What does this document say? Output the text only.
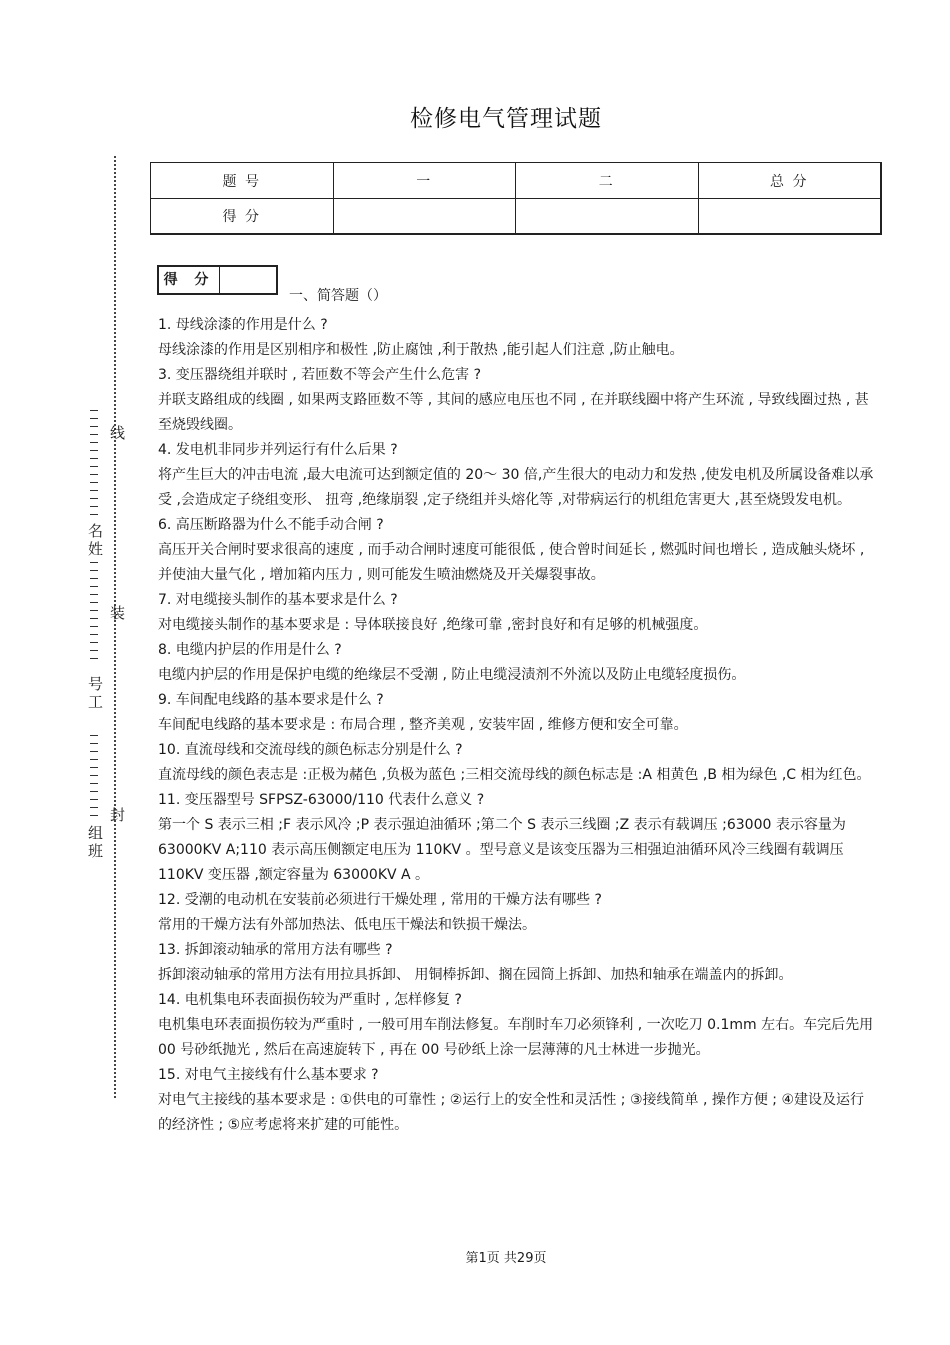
检修电气管理试题
题 号	一	二	总 分
得 分			
线
装
封
名姓
号工
组班
得 分
一、简答题（）

1. 母线涂漆的作用是什么 ?

母线涂漆的作用是区别相序和极性 ,防止腐蚀 ,利于散热 ,能引起人们注意 ,防止触电。

3. 变压器绕组并联时 , 若匝数不等会产生什么危害 ?

并联支路组成的线圈 , 如果两支路匝数不等 , 其间的感应电压也不同 , 在并联线圈中将产生环流 , 导致线圈过热 , 甚至烧毁线圈。

4. 发电机非同步并列运行有什么后果 ?

将产生巨大的冲击电流 ,最大电流可达到额定值的 20～ 30 倍,产生很大的电动力和发热 ,使发电机及所属设备难以承受 ,会造成定子绕组变形、 扭弯 ,绝缘崩裂 ,定子绕组并头熔化等 ,对带病运行的机组危害更大 ,甚至烧毁发电机。

6. 高压断路器为什么不能手动合闸 ?

高压开关合闸时要求很高的速度 , 而手动合闸时速度可能很低 , 使合曾时间延长 , 燃弧时间也增长 , 造成触头烧坏 , 并使油大量气化 , 增加箱内压力 , 则可能发生喷油燃烧及开关爆裂事故。

7. 对电缆接头制作的基本要求是什么 ?

对电缆接头制作的基本要求是 : 导体联接良好 ,绝缘可靠 ,密封良好和有足够的机械强度。

8. 电缆内护层的作用是什么 ?

电缆内护层的作用是保护电缆的绝缘层不受潮 , 防止电缆浸渍剂不外流以及防止电缆轻度损伤。

9. 车间配电线路的基本要求是什么 ?

车间配电线路的基本要求是 : 布局合理 , 整齐美观 , 安装牢固 , 维修方便和安全可靠。

10. 直流母线和交流母线的颜色标志分别是什么 ?

直流母线的颜色表志是 :正极为赭色 ,负极为蓝色 ;三相交流母线的颜色标志是 :A 相黄色 ,B 相为绿色 ,C 相为红色。

11. 变压器型号 SFPSZ-63000/110 代表什么意义 ?

第一个 S 表示三相 ;F 表示风冷 ;P 表示强迫油循环 ;第二个 S 表示三线圈 ;Z 表示有载调压 ;63000 表示容量为 63000KV A;110 表示高压侧额定电压为 110KV 。型号意义是该变压器为三相强迫油循环风冷三线圈有载调压 110KV 变压器 ,额定容量为 63000KV A 。

12. 受潮的电动机在安装前必须进行干燥处理 , 常用的干燥方法有哪些 ?

常用的干燥方法有外部加热法、低电压干燥法和铁损干燥法。

13. 拆卸滚动轴承的常用方法有哪些 ?

拆卸滚动轴承的常用方法有用拉具拆卸、 用铜棒拆卸、搁在园筒上拆卸、加热和轴承在端盖内的拆卸。

14. 电机集电环表面损伤较为严重时 , 怎样修复 ?

电机集电环表面损伤较为严重时 , 一般可用车削法修复。车削时车刀必须锋利 , 一次吃刀 0.1mm 左右。车完后先用 00 号砂纸抛光 , 然后在高速旋转下 , 再在 00 号砂纸上涂一层薄薄的凡士林进一步抛光。

15. 对电气主接线有什么基本要求 ?

对电气主接线的基本要求是 : ①供电的可靠性 ; ②运行上的安全性和灵活性 ; ③接线简单 , 操作方便 ; ④建设及运行的经济性 ; ⑤应考虑将来扩建的可能性。

第1页 共29页
